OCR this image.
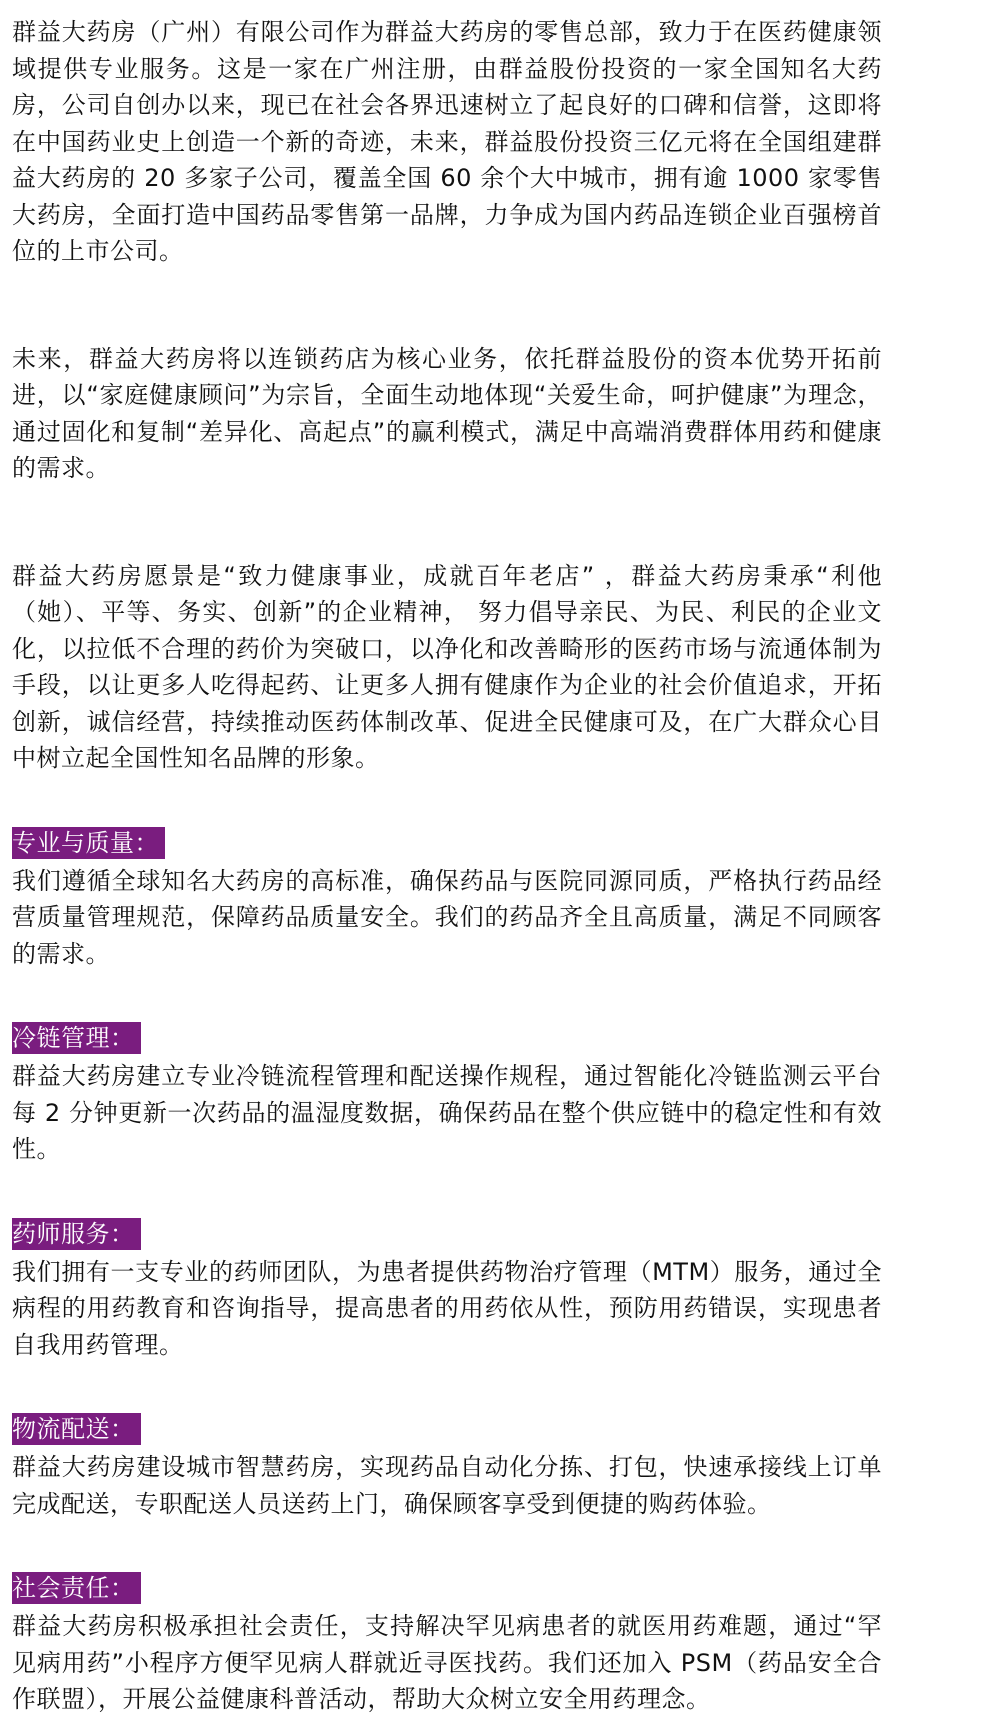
群益大药房（广州）有限公司作为群益大药房的零售总部，致力于在医药健康领域提供专业服务。这是一家在广州注册，由群益股份投资的一家全国知名大药房，公司自创办以来，现已在社会各界迅速树立了起良好的口碑和信誉，这即将在中国药业史上创造一个新的奇迹，未来，群益股份投资三亿元将在全国组建群益大药房的 20 多家子公司，覆盖全国 60 余个大中城市，拥有逾 1000 家零售大药房，全面打造中国药品零售第一品牌，力争成为国内药品连锁企业百强榜首位的上市公司。

未来，群益大药房将以连锁药店为核心业务，依托群益股份的资本优势开拓前进，以“家庭健康顾问”为宗旨，全面生动地体现“关爱生命，呵护健康”为理念，通过固化和复制“差异化、高起点”的赢利模式，满足中高端消费群体用药和健康的需求。

群益大药房愿景是“致力健康事业，成就百年老店” ，群益大药房秉承“利他（她）、平等、务实、创新”的企业精神， 努力倡导亲民、为民、利民的企业文化，以拉低不合理的药价为突破口，以净化和改善畸形的医药市场与流通体制为手段，以让更多人吃得起药、让更多人拥有健康作为企业的社会价值追求，开拓创新，诚信经营，持续推动医药体制改革、促进全民健康可及，在广大群众心目中树立起全国性知名品牌的形象。

专业与质量：

我们遵循全球知名大药房的高标准，确保药品与医院同源同质，严格执行药品经营质量管理规范，保障药品质量安全。我们的药品齐全且高质量，满足不同顾客的需求。

冷链管理：

群益大药房建立专业冷链流程管理和配送操作规程，通过智能化冷链监测云平台每 2 分钟更新一次药品的温湿度数据，确保药品在整个供应链中的稳定性和有效性。

药师服务：

我们拥有一支专业的药师团队，为患者提供药物治疗管理（MTM）服务，通过全病程的用药教育和咨询指导，提高患者的用药依从性，预防用药错误，实现患者自我用药管理。

物流配送：

群益大药房建设城市智慧药房，实现药品自动化分拣、打包，快速承接线上订单完成配送，专职配送人员送药上门，确保顾客享受到便捷的购药体验。

社会责任：

群益大药房积极承担社会责任，支持解决罕见病患者的就医用药难题，通过“罕见病用药”小程序方便罕见病人群就近寻医找药。我们还加入 PSM（药品安全合作联盟），开展公益健康科普活动，帮助大众树立安全用药理念。
